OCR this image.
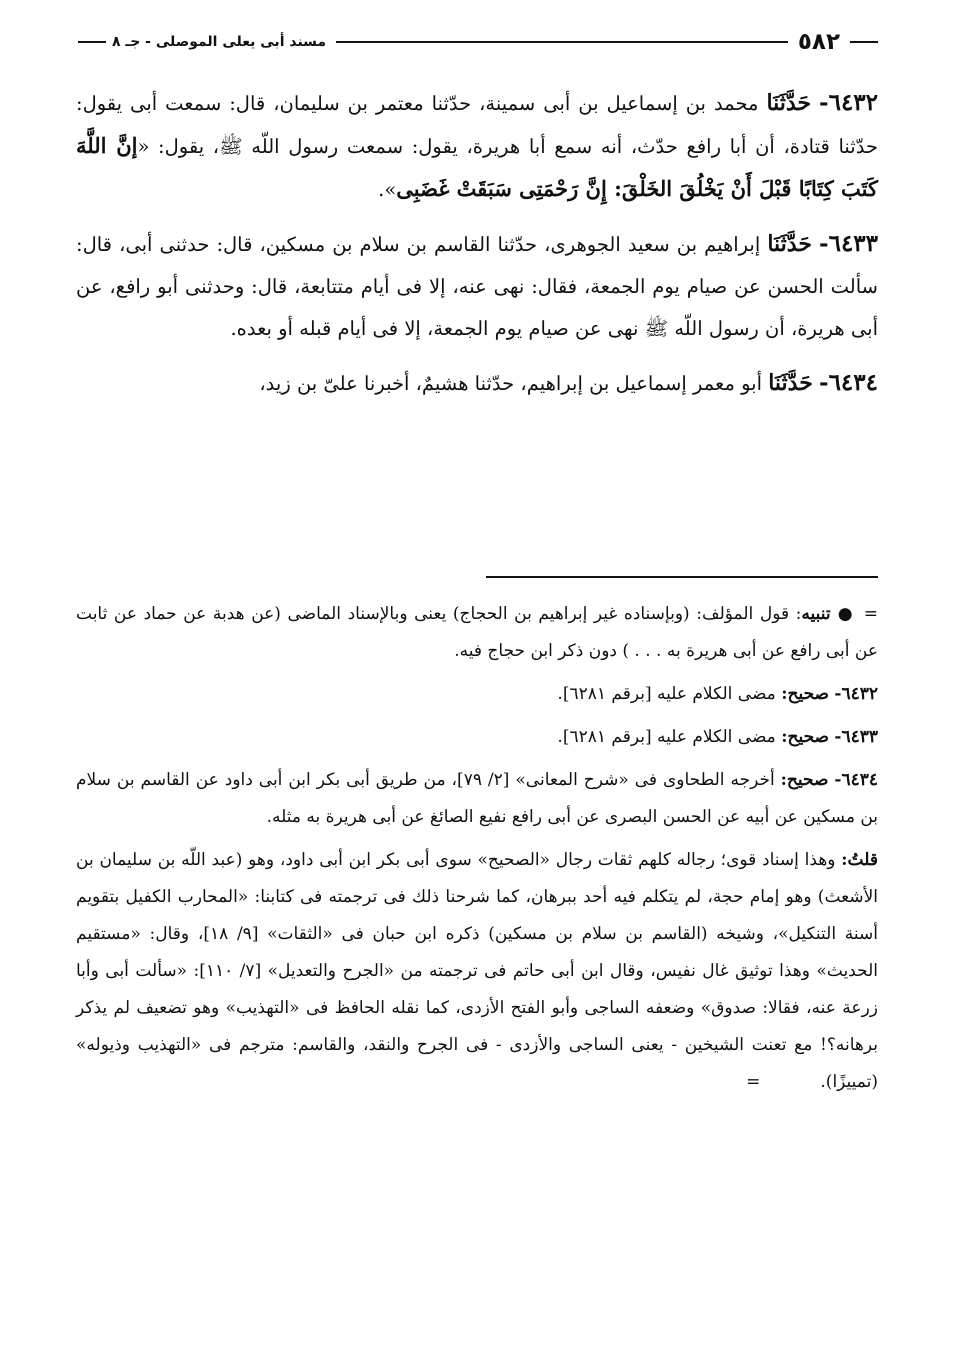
٥٨٢
مسند أبى يعلى الموصلى - جـ ٨

٦٤٣٢- حَدَّثَنَا محمد بن إسماعيل بن أبى سمينة، حدّثنا معتمر بن سليمان، قال: سمعت أبى يقول: حدّثنا قتادة، أن أبا رافع حدّث، أنه سمع أبا هريرة، يقول: سمعت رسول اللّه ﷺ، يقول: «إنَّ اللَّهَ كَتَبَ كِتَابًا قَبْلَ أَنْ يَخْلُقَ الخَلْقَ: إِنَّ رَحْمَتِى سَبَقَتْ غَضَبِى».

٦٤٣٣- حَدَّثَنَا إبراهيم بن سعيد الجوهرى، حدّثنا القاسم بن سلام بن مسكين، قال: حدثنى أبى، قال: سألت الحسن عن صيام يوم الجمعة، فقال: نهى عنه، إلا فى أيام متتابعة، قال: وحدثنى أبو رافع، عن أبى هريرة، أن رسول اللّه ﷺ نهى عن صيام يوم الجمعة، إلا فى أيام قبله أو بعده.

٦٤٣٤- حَدَّثَنَا أبو معمر إسماعيل بن إبراهيم، حدّثنا هشيمٌ، أخبرنا علىّ بن زيد،

=● تنبيه: قول المؤلف: (وبإسناده غير إبراهيم بن الحجاج) يعنى وبالإسناد الماضى (عن هدبة عن حماد عن ثابت عن أبى رافع عن أبى هريرة به . . . ) دون ذكر ابن حجاج فيه.

٦٤٣٢- صحيح: مضى الكلام عليه [برقم ٦٢٨١].

٦٤٣٣- صحيح: مضى الكلام عليه [برقم ٦٢٨١].

٦٤٣٤- صحيح: أخرجه الطحاوى فى «شرح المعانى» [٢/ ٧٩]، من طريق أبى بكر ابن أبى داود عن القاسم بن سلام بن مسكين عن أبيه عن الحسن البصرى عن أبى رافع نفيع الصائغ عن أبى هريرة به مثله.

قلتُ: وهذا إسناد قوى؛ رجاله كلهم ثقات رجال «الصحيح» سوى أبى بكر ابن أبى داود، وهو (عبد اللّه بن سليمان بن الأشعث) وهو إمام حجة، لم يتكلم فيه أحد ببرهان، كما شرحنا ذلك فى ترجمته فى كتابنا: «المحارب الكفيل بتقويم أسنة التنكيل»، وشيخه (القاسم بن سلام بن مسكين) ذكره ابن حبان فى «الثقات» [٩/ ١٨]، وقال: «مستقيم الحديث» وهذا توثيق غال نفيس، وقال ابن أبى حاتم فى ترجمته من «الجرح والتعديل» [٧/ ١١٠]: «سألت أبى وأبا زرعة عنه، فقالا: صدوق» وضعفه الساجى وأبو الفتح الأزدى، كما نقله الحافظ فى «التهذيب» وهو تضعيف لم يذكر برهانه؟! مع تعنت الشيخين - يعنى الساجى والأزدى - فى الجرح والنقد، والقاسم: مترجم فى «التهذيب وذيوله» (تمييزًا).=
